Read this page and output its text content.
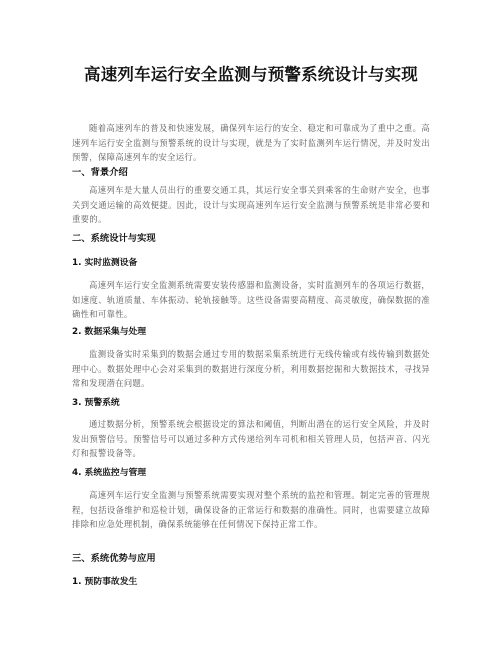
高速列车运行安全监测与预警系统设计与实现

随着高速列车的普及和快速发展，确保列车运行的安全、稳定和可靠成为了重中之重。高速列车运行安全监测与预警系统的设计与实现，就是为了实时监测列车运行情况，并及时发出预警，保障高速列车的安全运行。

一、背景介绍

高速列车是大量人员出行的重要交通工具，其运行安全事关到乘客的生命财产安全，也事关到交通运输的高效便捷。因此，设计与实现高速列车运行安全监测与预警系统是非常必要和重要的。

二、系统设计与实现

1. 实时监测设备

高速列车运行安全监测系统需要安装传感器和监测设备，实时监测列车的各项运行数据，如速度、轨道质量、车体振动、轮轨接触等。这些设备需要高精度、高灵敏度，确保数据的准确性和可靠性。

2. 数据采集与处理

监测设备实时采集到的数据会通过专用的数据采集系统进行无线传输或有线传输到数据处理中心。数据处理中心会对采集到的数据进行深度分析，利用数据挖掘和大数据技术，寻找异常和发现潜在问题。

3. 预警系统

通过数据分析，预警系统会根据设定的算法和阈值，判断出潜在的运行安全风险，并及时发出预警信号。预警信号可以通过多种方式传递给列车司机和相关管理人员，包括声音、闪光灯和报警设备等。

4. 系统监控与管理

高速列车运行安全监测与预警系统需要实现对整个系统的监控和管理。制定完善的管理规程，包括设备维护和巡检计划，确保设备的正常运行和数据的准确性。同时，也需要建立故障排除和应急处理机制，确保系统能够在任何情况下保持正常工作。

三、系统优势与应用

1. 预防事故发生
